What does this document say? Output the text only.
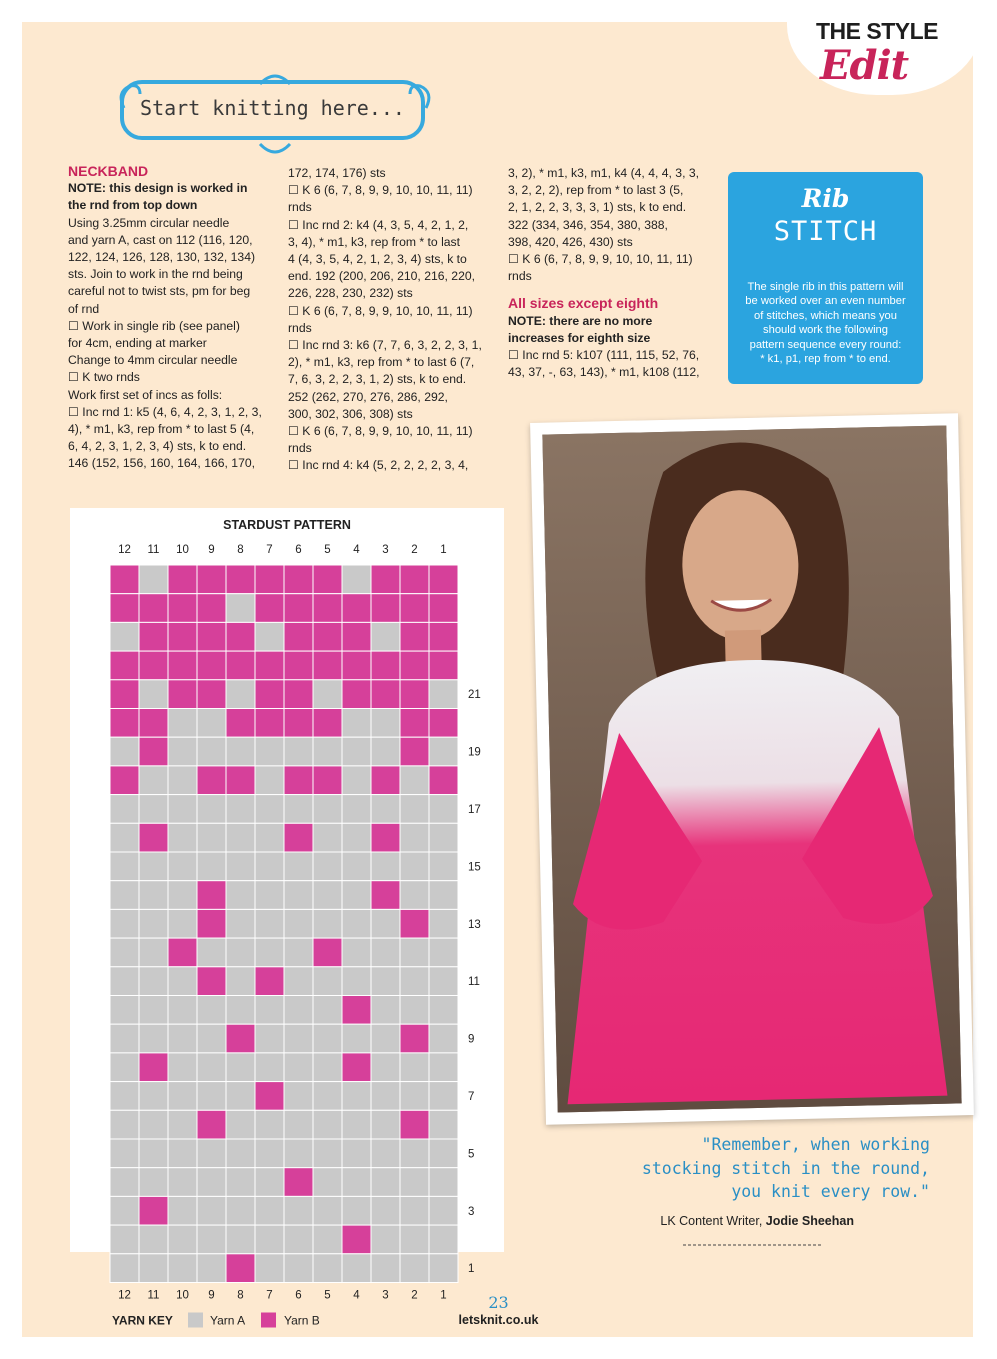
THE STYLE
Edit
Start knitting here...
NECKBAND
NOTE: this design is worked in
the rnd from top down
Using 3.25mm circular needle
and yarn A, cast on 112 (116, 120,
122, 124, 126, 128, 130, 132, 134)
sts. Join to work in the rnd being
careful not to twist sts, pm for beg
of rnd
☐ Work in single rib (see panel)
for 4cm, ending at marker
Change to 4mm circular needle
☐ K two rnds
Work first set of incs as folls:
☐ Inc rnd 1: k5 (4, 6, 4, 2, 3, 1, 2, 3,
4), * m1, k3, rep from * to last 5 (4,
6, 4, 2, 3, 1, 2, 3, 4) sts, k to end.
146 (152, 156, 160, 164, 166, 170,
172, 174, 176) sts
☐ K 6 (6, 7, 8, 9, 9, 10, 10, 11, 11)
rnds
☐ Inc rnd 2: k4 (4, 3, 5, 4, 2, 1, 2,
3, 4), * m1, k3, rep from * to last
4 (4, 3, 5, 4, 2, 1, 2, 3, 4) sts, k to
end. 192 (200, 206, 210, 216, 220,
226, 228, 230, 232) sts
☐ K 6 (6, 7, 8, 9, 9, 10, 10, 11, 11)
rnds
☐ Inc rnd 3: k6 (7, 7, 6, 3, 2, 2, 3, 1,
2), * m1, k3, rep from * to last 6 (7,
7, 6, 3, 2, 2, 3, 1, 2) sts, k to end.
252 (262, 270, 276, 286, 292,
300, 302, 306, 308) sts
☐ K 6 (6, 7, 8, 9, 9, 10, 10, 11, 11)
rnds
☐ Inc rnd 4: k4 (5, 2, 2, 2, 2, 3, 4,
3, 2), * m1, k3, m1, k4 (4, 4, 4, 3, 3,
3, 2, 2, 2), rep from * to last 3 (5,
2, 1, 2, 2, 3, 3, 3, 1) sts, k to end.
322 (334, 346, 354, 380, 388,
398, 420, 426, 430) sts
☐ K 6 (6, 7, 8, 9, 9, 10, 10, 11, 11)
rnds
All sizes except eighth
NOTE: there are no more
increases for eighth size
☐ Inc rnd 5: k107 (111, 115, 52, 76,
43, 37, -, 63, 143), * m1, k108 (112,
Rib
STITCH
The single rib in this pattern will
be worked over an even number
of stitches, which means you
should work the following
pattern sequence every round:
* k1, p1, rep from * to end.
STARDUST PATTERN
12
12
11
11
10
10
9
9
8
8
7
7
6
6
5
5
4
4
3
3
2
2
1
1
21
19
17
15
13
11
9
7
5
3
1
YARN KEY	Yarn A	Yarn B
"Remember, when working
stocking stitch in the round,
you knit every row."
LK Content Writer, Jodie Sheehan
23
letsknit.co.uk
